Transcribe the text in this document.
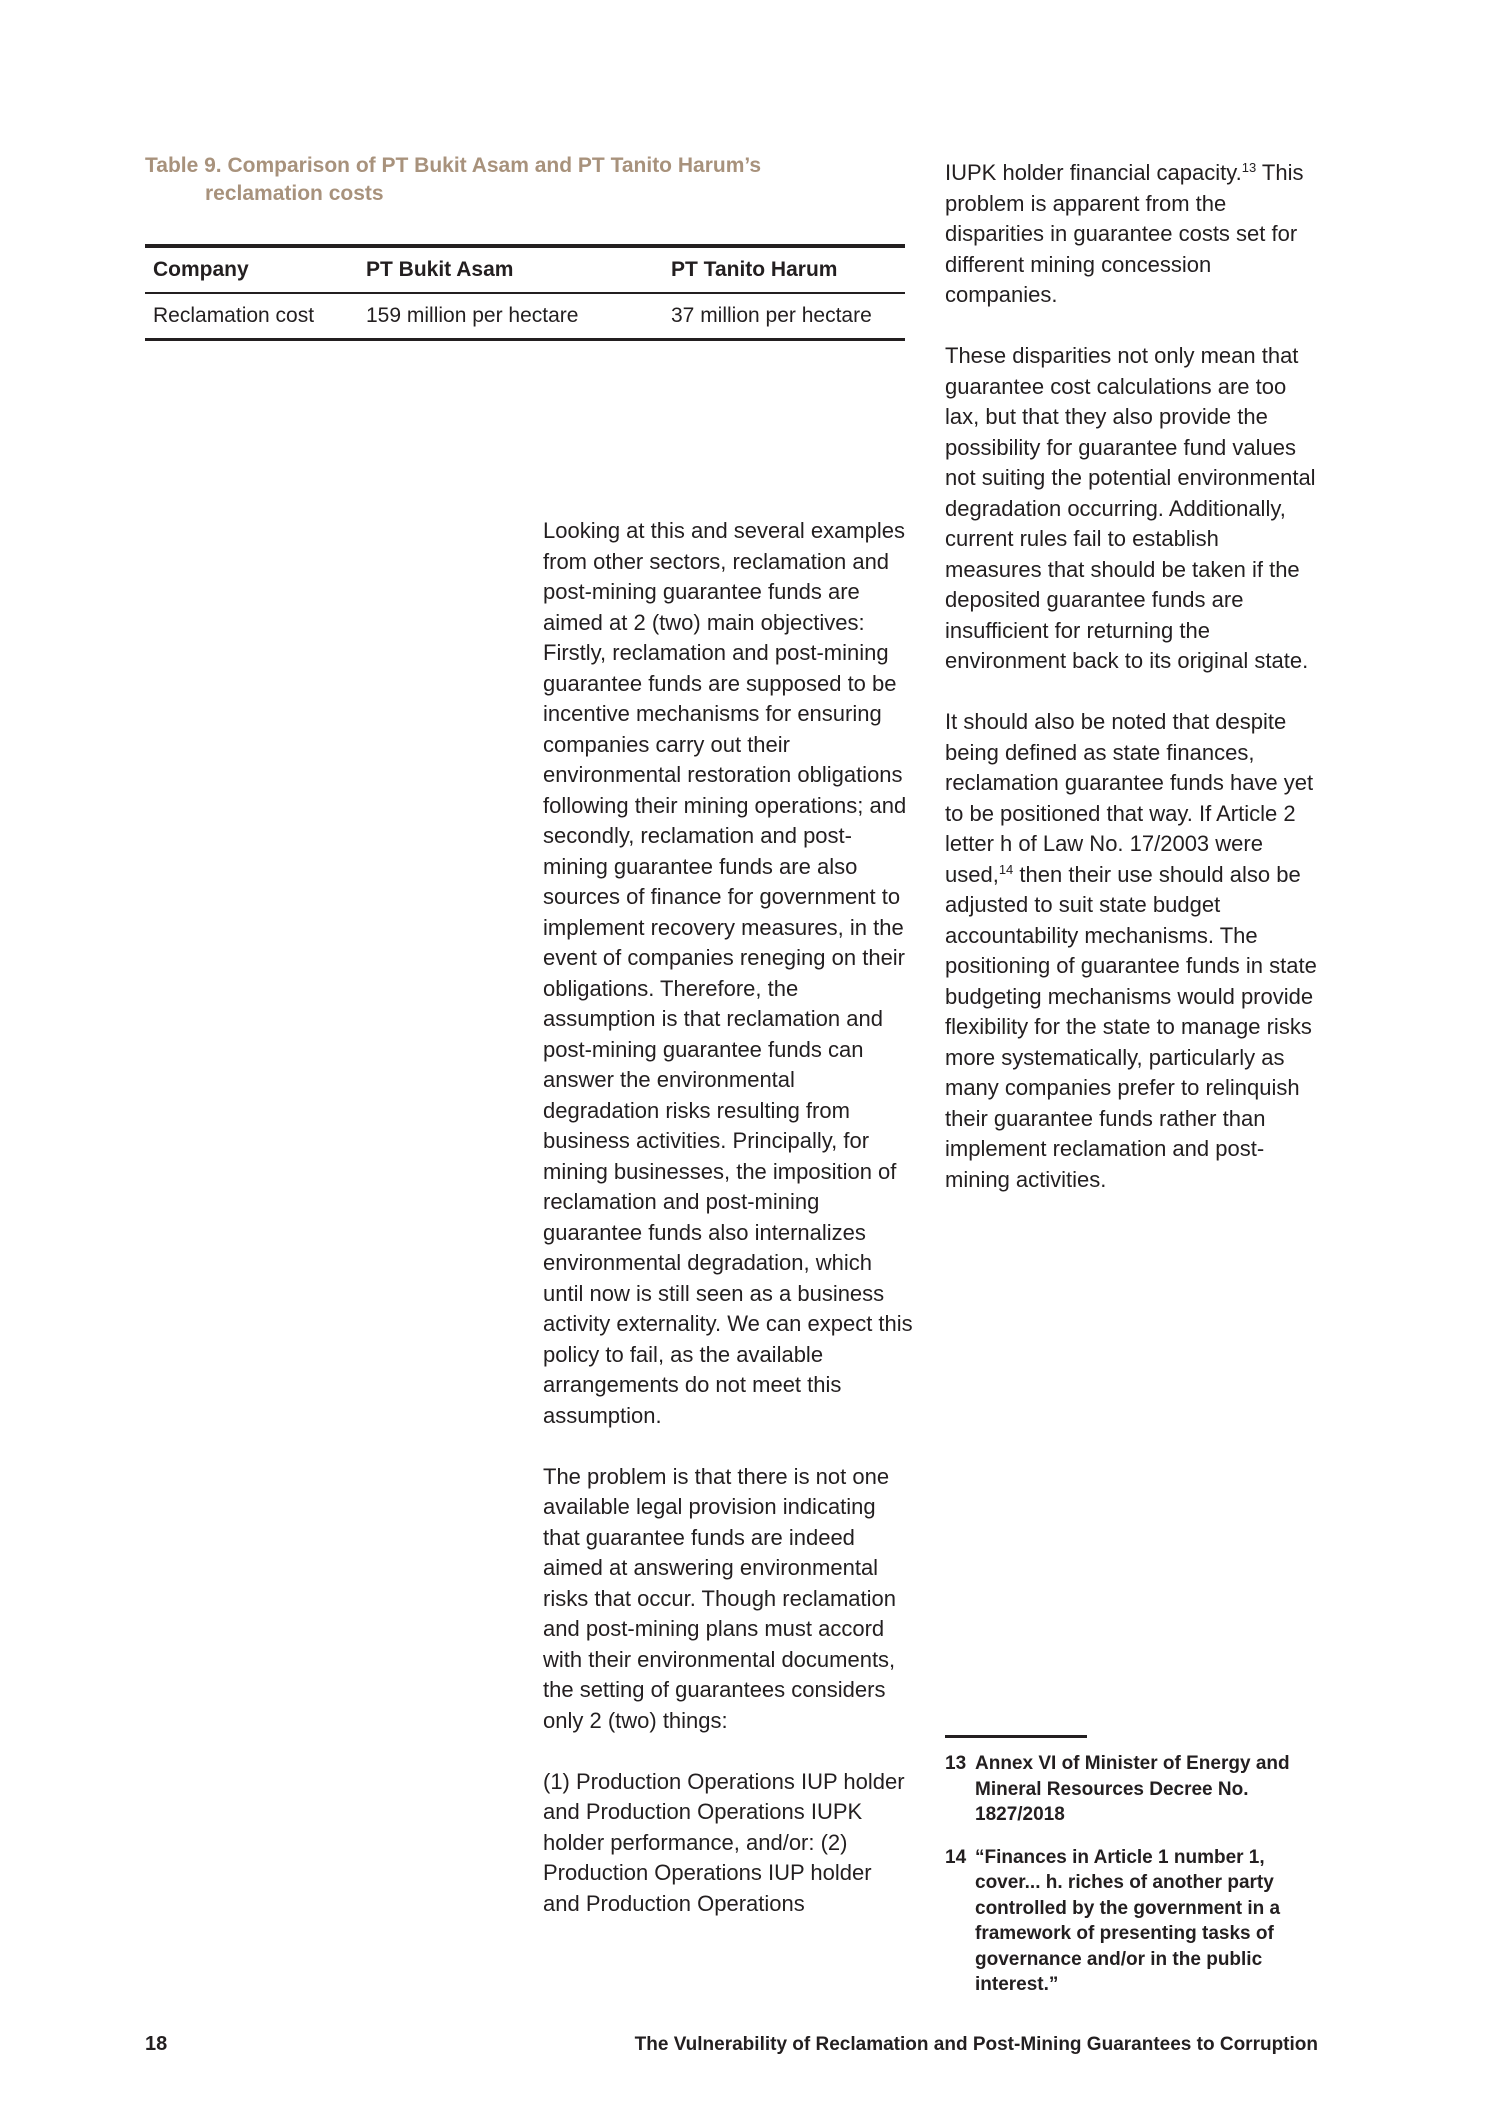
Table 9. Comparison of PT Bukit Asam and PT Tanito Harum’s reclamation costs

Company	PT Bukit Asam	PT Tanito Harum
Reclamation cost	159 million per hectare	37 million per hectare

Looking at this and several examples from other sectors, reclamation and post-mining guarantee funds are aimed at 2 (two) main objectives: Firstly, reclamation and post-mining guarantee funds are supposed to be incentive mechanisms for ensuring companies carry out their environmental restoration obligations following their mining operations; and secondly, reclamation and post-mining guarantee funds are also sources of finance for government to implement recovery measures, in the event of companies reneging on their obligations. Therefore, the assumption is that reclamation and post-mining guarantee funds can answer the environmental degradation risks resulting from business activities. Principally, for mining businesses, the imposition of reclamation and post-mining guarantee funds also internalizes environmental degradation, which until now is still seen as a business activity externality. We can expect this policy to fail, as the available arrangements do not meet this assumption.

The problem is that there is not one available legal provision indicating that guarantee funds are indeed aimed at answering environmental risks that occur. Though reclamation and post-mining plans must accord with their environmental documents, the setting of guarantees considers only 2 (two) things:

(1) Production Operations IUP holder and Production Operations IUPK holder performance, and/or: (2) Production Operations IUP holder and Production Operations

IUPK holder financial capacity.$^{13}$ This problem is apparent from the disparities in guarantee costs set for different mining concession companies.

These disparities not only mean that guarantee cost calculations are too lax, but that they also provide the possibility for guarantee fund values not suiting the potential environmental degradation occurring. Additionally, current rules fail to establish measures that should be taken if the deposited guarantee funds are insufficient for returning the environment back to its original state.

It should also be noted that despite being defined as state finances, reclamation guarantee funds have yet to be positioned that way. If Article 2 letter h of Law No. 17/2003 were used,$^{14}$ then their use should also be adjusted to suit state budget accountability mechanisms. The positioning of guarantee funds in state budgeting mechanisms would provide flexibility for the state to manage risks more systematically, particularly as many companies prefer to relinquish their guarantee funds rather than implement reclamation and post-mining activities.

13 Annex VI of Minister of Energy and Mineral Resources Decree No. 1827/2018

14 “Finances in Article 1 number 1, cover... h. riches of another party controlled by the government in a framework of presenting tasks of governance and/or in the public interest.”

18	The Vulnerability of Reclamation and Post-Mining Guarantees to Corruption
